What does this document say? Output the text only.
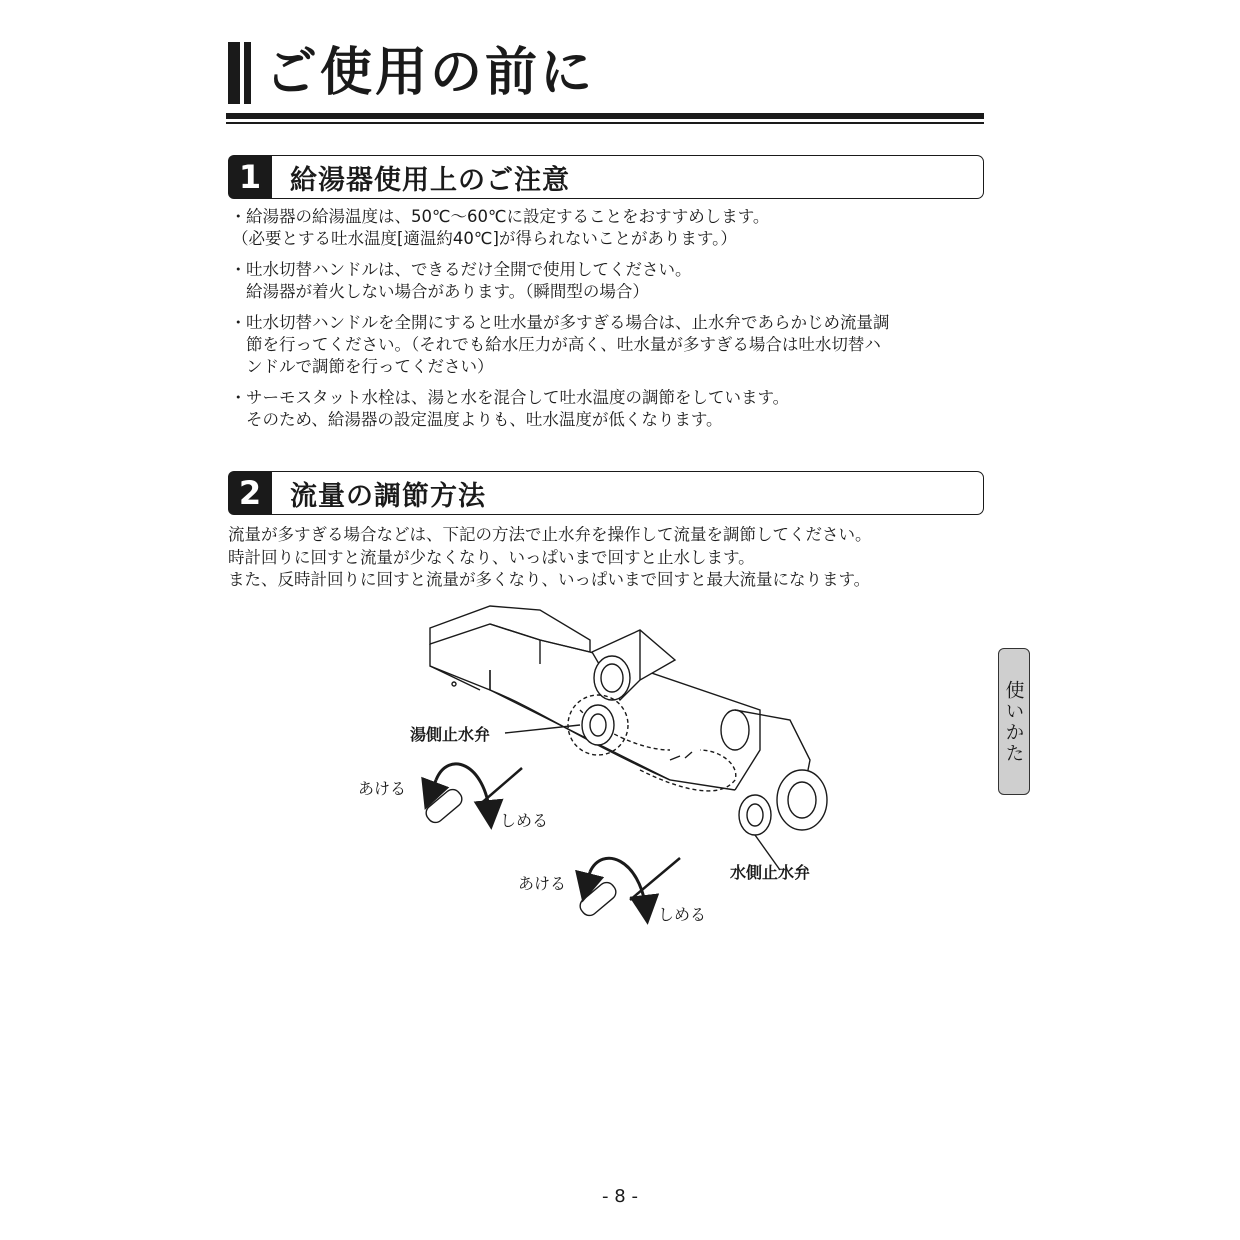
ご使用の前に
1	給湯器使用上のご注意
・ 給湯器の給湯温度は、50℃～60℃に設定することをおすすめします。
（必要とする吐水温度[適温約40℃]が得られないことがあります。）
・ 吐水切替ハンドルは、できるだけ全開で使用してください。
給湯器が着火しない場合があります。（瞬間型の場合）
・ 吐水切替ハンドルを全開にすると吐水量が多すぎる場合は、止水弁であらかじめ流量調
節を行ってください。（それでも給水圧力が高く、吐水量が多すぎる場合は吐水切替ハ
ンドルで調節を行ってください）
・ サーモスタット水栓は、湯と水を混合して吐水温度の調節をしています。
そのため、給湯器の設定温度よりも、吐水温度が低くなります。
2	流量の調節方法

流量が多すぎる場合などは、下記の方法で止水弁を操作して流量を調節してください。

時計回りに回すと流量が少なくなり、いっぱいまで回すと止水します。

また、反時計回りに回すと流量が多くなり、いっぱいまで回すと最大流量になります。

湯側止水弁
あける
しめる
水側止水弁
あける
しめる
使いかた
- 8 -
